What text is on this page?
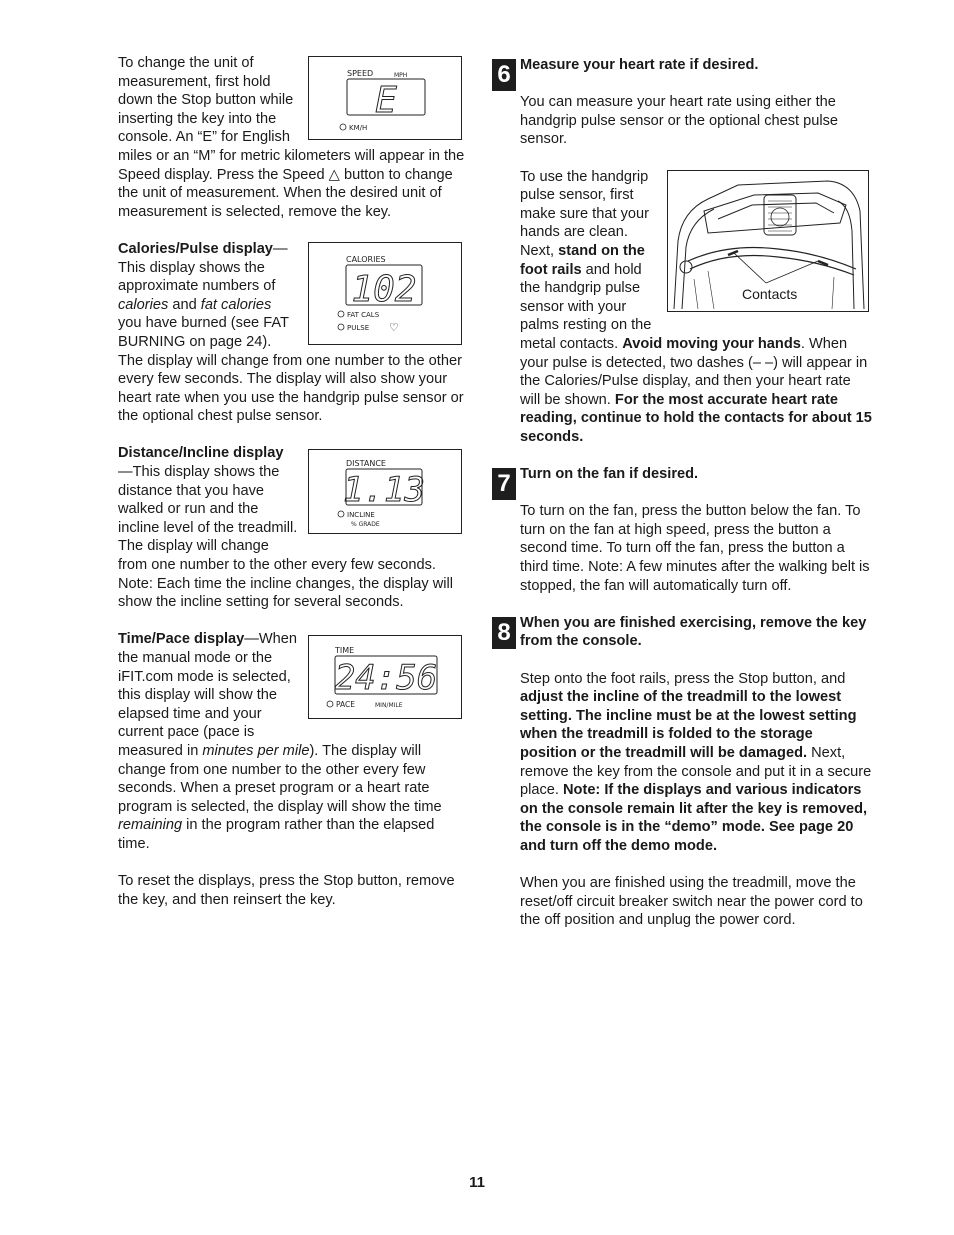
SPEED	MPH
E
KM/H

To change the unit of measurement, first hold down the Stop button while inserting the key into the console. An “E” for English miles or an “M” for metric kilometers will appear in the Speed display. Press the Speed △ button to change the unit of measurement. When the desired unit of measurement is selected, remove the key.

CALORIES
102
FAT CALS
PULSE ♡

Calories/Pulse display—This display shows the approximate numbers of calories and fat calories you have burned (see FAT BURNING on page 24). The display will change from one number to the other every few seconds. The display will also show your heart rate when you use the handgrip pulse sensor or the optional chest pulse sensor.

DISTANCE
1.13
INCLINE
% GRADE

Distance/Incline display—This display shows the distance that you have walked or run and the incline level of the treadmill. The display will change from one number to the other every few seconds. Note: Each time the incline changes, the display will show the incline setting for several seconds.

TIME
24:56
PACE	MIN/MILE

Time/Pace display—When the manual mode or the iFIT.com mode is selected, this display will show the elapsed time and your current pace (pace is measured in minutes per mile). The display will change from one number to the other every few seconds. When a preset program or a heart rate program is selected, the display will show the time remaining in the program rather than the elapsed time.

To reset the displays, press the Stop button, remove the key, and then reinsert the key.

6 Measure your heart rate if desired.

You can measure your heart rate using either the handgrip pulse sensor or the optional chest pulse sensor.

Contacts

To use the handgrip pulse sensor, first make sure that your hands are clean. Next, stand on the foot rails and hold the handgrip pulse sensor with your palms resting on the metal contacts. Avoid moving your hands. When your pulse is detected, two dashes (– –) will appear in the Calories/Pulse display, and then your heart rate will be shown. For the most accurate heart rate reading, continue to hold the contacts for about 15 seconds.

7 Turn on the fan if desired.

To turn on the fan, press the button below the fan. To turn on the fan at high speed, press the button a second time. To turn off the fan, press the button a third time. Note: A few minutes after the walking belt is stopped, the fan will automatically turn off.

8 When you are finished exercising, remove the key from the console.

Step onto the foot rails, press the Stop button, and adjust the incline of the treadmill to the lowest setting. The incline must be at the lowest setting when the treadmill is folded to the storage position or the treadmill will be damaged. Next, remove the key from the console and put it in a secure place. Note: If the displays and various indicators on the console remain lit after the key is removed, the console is in the “demo” mode. See page 20 and turn off the demo mode.

When you are finished using the treadmill, move the reset/off circuit breaker switch near the power cord to the off position and unplug the power cord.

11
